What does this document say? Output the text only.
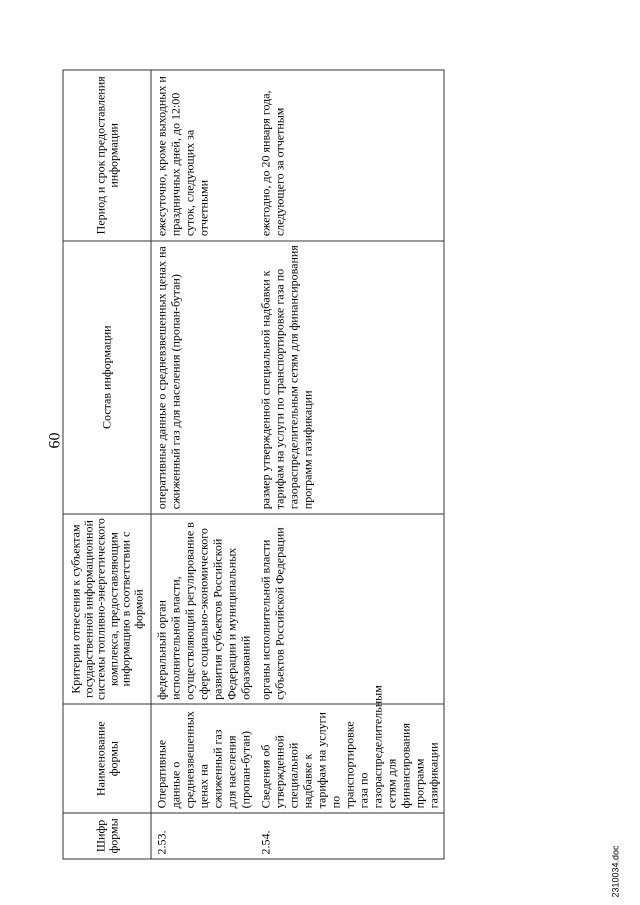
60
Шифр формы	Наименование формы	Критерии отнесения к субъектам государственной информационной системы топливно-энергетического комплекса, предоставляющим информацию в соответствии с формой	Состав информации	Период и срок предоставления информации
2.53.	Оперативные данные о средневзвешенных ценах на сжиженный газ для населения (пропан-бутан)	федеральный орган исполнительной власти, осуществляющий регулирование в сфере социально-экономического развития субъектов Российской Федерации и муниципальных образований	оперативные данные о средневзвешенных ценах на сжиженный газ для населения (пропан-бутан)	ежесуточно, кроме выходных и праздничных дней, до 12:00 суток, следующих за отчетными
2.54.	Сведения об утвержденной специальной надбавке к тарифам на услуги по транспортировке газа по газораспределительным сетям для финансирования программ газификации	органы исполнительной власти субъектов Российской Федерации	размер утвержденной специальной надбавки к тарифам на услуги по транспортировке газа по газораспределительным сетям для финансирования программ газификации	ежегодно, до 20 января года, следующего за отчетным
2310034.doc
